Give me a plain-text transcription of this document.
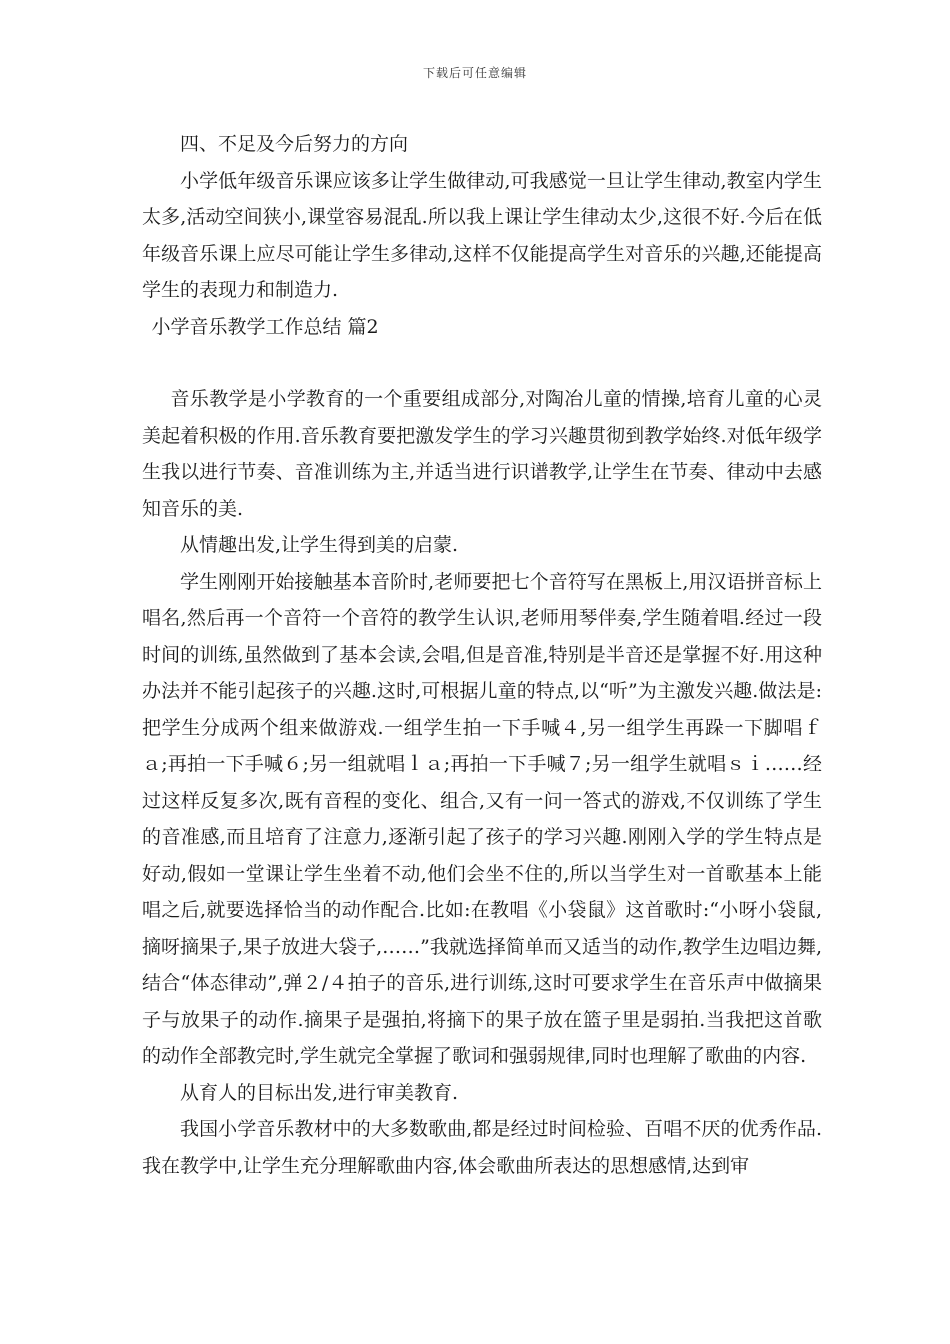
下载后可任意编辑

四、不足及今后努力的方向

小学低年级音乐课应该多让学生做律动,可我感觉一旦让学生律动,教室内学生太多,活动空间狭小,课堂容易混乱.所以我上课让学生律动太少,这很不好.今后在低年级音乐课上应尽可能让学生多律动,这样不仅能提高学生对音乐的兴趣,还能提高学生的表现力和制造力.

小学音乐教学工作总结 篇2

音乐教学是小学教育的一个重要组成部分,对陶冶儿童的情操,培育儿童的心灵美起着积极的作用.音乐教育要把激发学生的学习兴趣贯彻到教学始终.对低年级学生我以进行节奏、音准训练为主,并适当进行识谱教学,让学生在节奏、律动中去感知音乐的美.

从情趣出发,让学生得到美的启蒙.

学生刚刚开始接触基本音阶时,老师要把七个音符写在黑板上,用汉语拼音标上唱名,然后再一个音符一个音符的教学生认识,老师用琴伴奏,学生随着唱.经过一段时间的训练,虽然做到了基本会读,会唱,但是音准,特别是半音还是掌握不好.用这种办法并不能引起孩子的兴趣.这时,可根据儿童的特点,以“听”为主激发兴趣.做法是:把学生分成两个组来做游戏.一组学生拍一下手喊４,另一组学生再跺一下脚唱ｆａ;再拍一下手喊６;另一组就唱ｌａ;再拍一下手喊７;另一组学生就唱ｓｉ……经过这样反复多次,既有音程的变化、组合,又有一问一答式的游戏,不仅训练了学生的音准感,而且培育了注意力,逐渐引起了孩子的学习兴趣.刚刚入学的学生特点是好动,假如一堂课让学生坐着不动,他们会坐不住的,所以当学生对一首歌基本上能唱之后,就要选择恰当的动作配合.比如:在教唱《小袋鼠》这首歌时:“小呀小袋鼠,摘呀摘果子,果子放进大袋子,……”我就选择简单而又适当的动作,教学生边唱边舞,结合“体态律动”,弹２/４拍子的音乐,进行训练,这时可要求学生在音乐声中做摘果子与放果子的动作.摘果子是强拍,将摘下的果子放在篮子里是弱拍.当我把这首歌的动作全部教完时,学生就完全掌握了歌词和强弱规律,同时也理解了歌曲的内容.

从育人的目标出发,进行审美教育.

我国小学音乐教材中的大多数歌曲,都是经过时间检验、百唱不厌的优秀作品.我在教学中,让学生充分理解歌曲内容,体会歌曲所表达的思想感情,达到审
